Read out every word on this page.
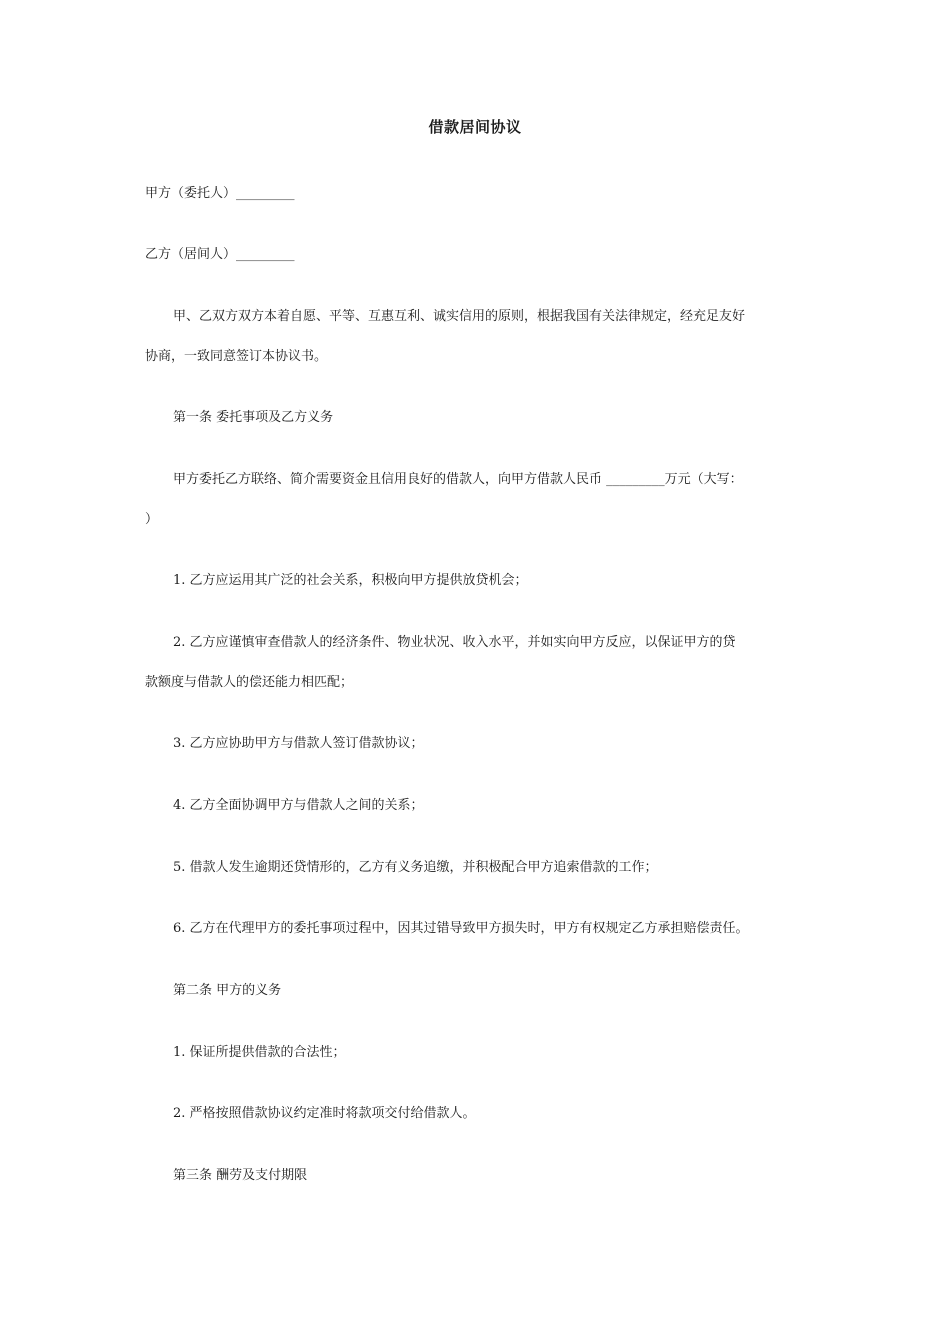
借款居间协议
甲方（委托人）_________
乙方（居间人）_________
甲、乙双方双方本着自愿、平等、互惠互利、诚实信用的原则，根据我国有关法律规定，经充足友好
协商，一致同意签订本协议书。
第一条 委托事项及乙方义务
甲方委托乙方联络、简介需要资金且信用良好的借款人，向甲方借款人民币 _________万元（大写：
）
1. 乙方应运用其广泛的社会关系，积极向甲方提供放贷机会；
2. 乙方应谨慎审查借款人的经济条件、物业状况、收入水平，并如实向甲方反应，以保证甲方的贷
款额度与借款人的偿还能力相匹配；
3. 乙方应协助甲方与借款人签订借款协议；
4. 乙方全面协调甲方与借款人之间的关系；
5. 借款人发生逾期还贷情形的，乙方有义务追缴，并积极配合甲方追索借款的工作；
6. 乙方在代理甲方的委托事项过程中，因其过错导致甲方损失时，甲方有权规定乙方承担赔偿责任。
第二条 甲方的义务
1. 保证所提供借款的合法性；
2. 严格按照借款协议约定准时将款项交付给借款人。
第三条 酬劳及支付期限
